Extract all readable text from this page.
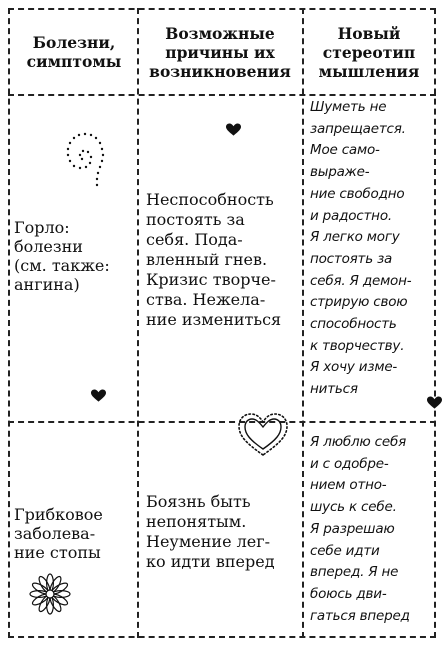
Болезни,
симптомы
Возможные
причины их
возникновения
Новый
стереотип
мышления
Горло:
болезни
(см. также:
ангина)
Неспособность
постоять за
себя. Пода-
вленный гнев.
Кризис творче-
ства. Нежела-
ние измениться
Шуметь не
запрещается.
Мое само-
выраже-
ние свободно
и радостно.
Я легко могу
постоять за
себя. Я демон-
стрирую свою
способность
к творчеству.
Я хочу изме-
ниться
Грибковое
заболева-
ние стопы
Боязнь быть
непонятым.
Неумение лег-
ко идти вперед
Я люблю себя
и с одобре-
нием отно-
шусь к себе.
Я разрешаю
себе идти
вперед. Я не
боюсь дви-
гаться вперед
